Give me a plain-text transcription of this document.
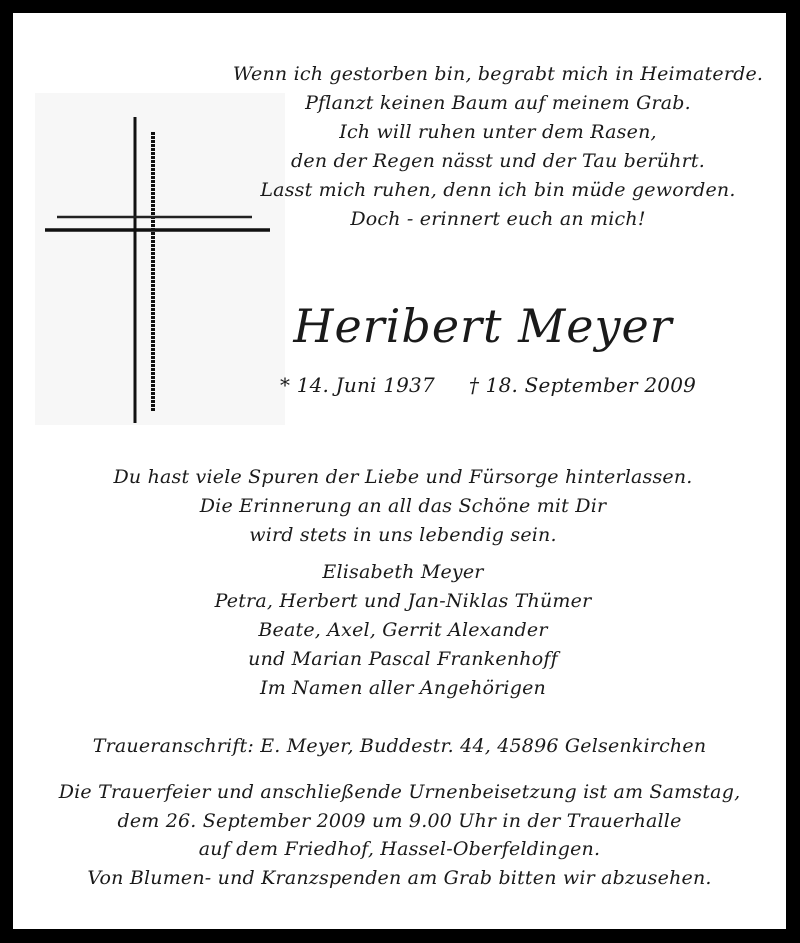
Wenn ich gestorben bin, begrabt mich in Heimaterde.
Pflanzt keinen Baum auf meinem Grab.
Ich will ruhen unter dem Rasen,
den der Regen nässt und der Tau berührt.
Lasst mich ruhen, denn ich bin müde geworden.
Doch - erinnert euch an mich!
Heribert Meyer
* 14. Juni 1937 † 18. September 2009
Du hast viele Spuren der Liebe und Fürsorge hinterlassen.
Die Erinnerung an all das Schöne mit Dir
wird stets in uns lebendig sein.
Elisabeth Meyer
Petra, Herbert und Jan-Niklas Thümer
Beate, Axel, Gerrit Alexander
und Marian Pascal Frankenhoff
Im Namen aller Angehörigen
Traueranschrift: E. Meyer, Buddestr. 44, 45896 Gelsenkirchen
Die Trauerfeier und anschließende Urnenbeisetzung ist am Samstag,
dem 26. September 2009 um 9.00 Uhr in der Trauerhalle
auf dem Friedhof, Hassel-Oberfeldingen.
Von Blumen- und Kranzspenden am Grab bitten wir abzusehen.
